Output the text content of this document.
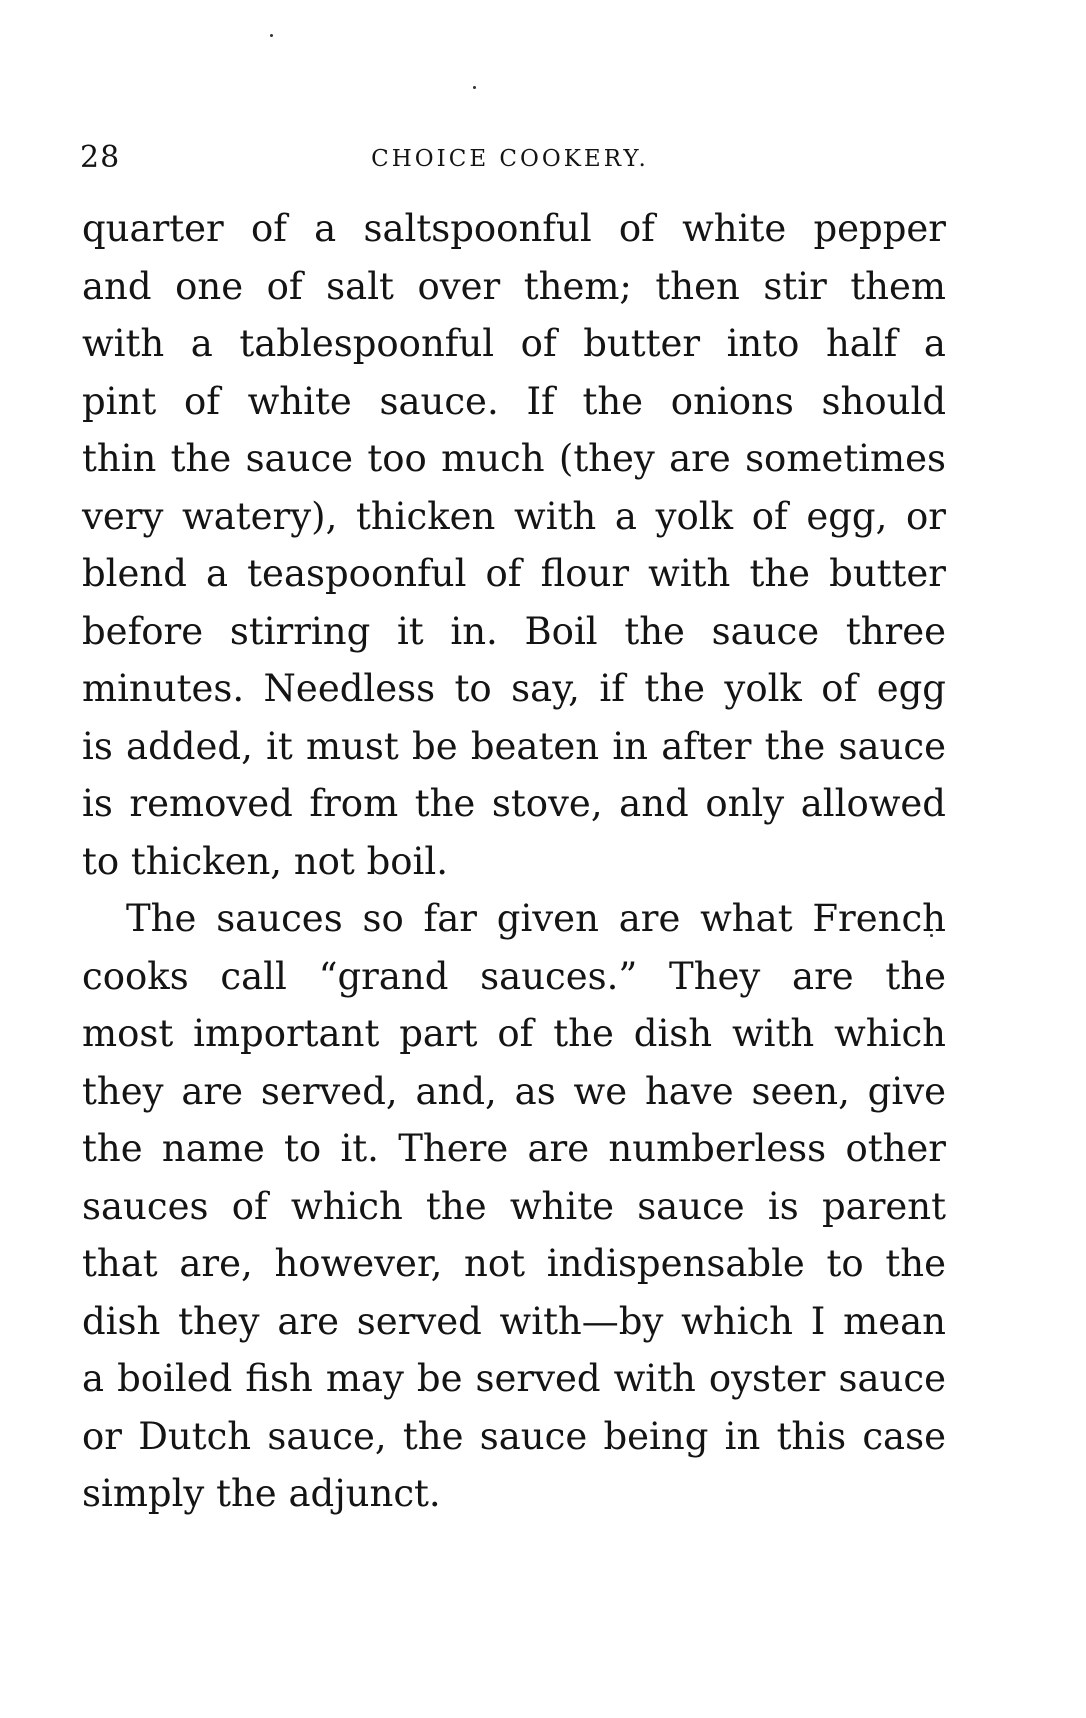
28	CHOICE COOKERY.
quarter of a saltspoonful of white pepper
and one of salt over them; then stir them
with a tablespoonful of butter into half a
pint of white sauce. If the onions should
thin the sauce too much (they are sometimes
very watery), thicken with a yolk of egg, or
blend a teaspoonful of flour with the butter
before stirring it in. Boil the sauce three
minutes. Needless to say, if the yolk of egg
is added, it must be beaten in after the sauce
is removed from the stove, and only allowed
to thicken, not boil.
The sauces so far given are what French
cooks call “grand sauces.” They are the
most important part of the dish with which
they are served, and, as we have seen, give
the name to it. There are numberless other
sauces of which the white sauce is parent
that are, however, not indispensable to the
dish they are served with—by which I mean
a boiled fish may be served with oyster sauce
or Dutch sauce, the sauce being in this case
simply the adjunct.
